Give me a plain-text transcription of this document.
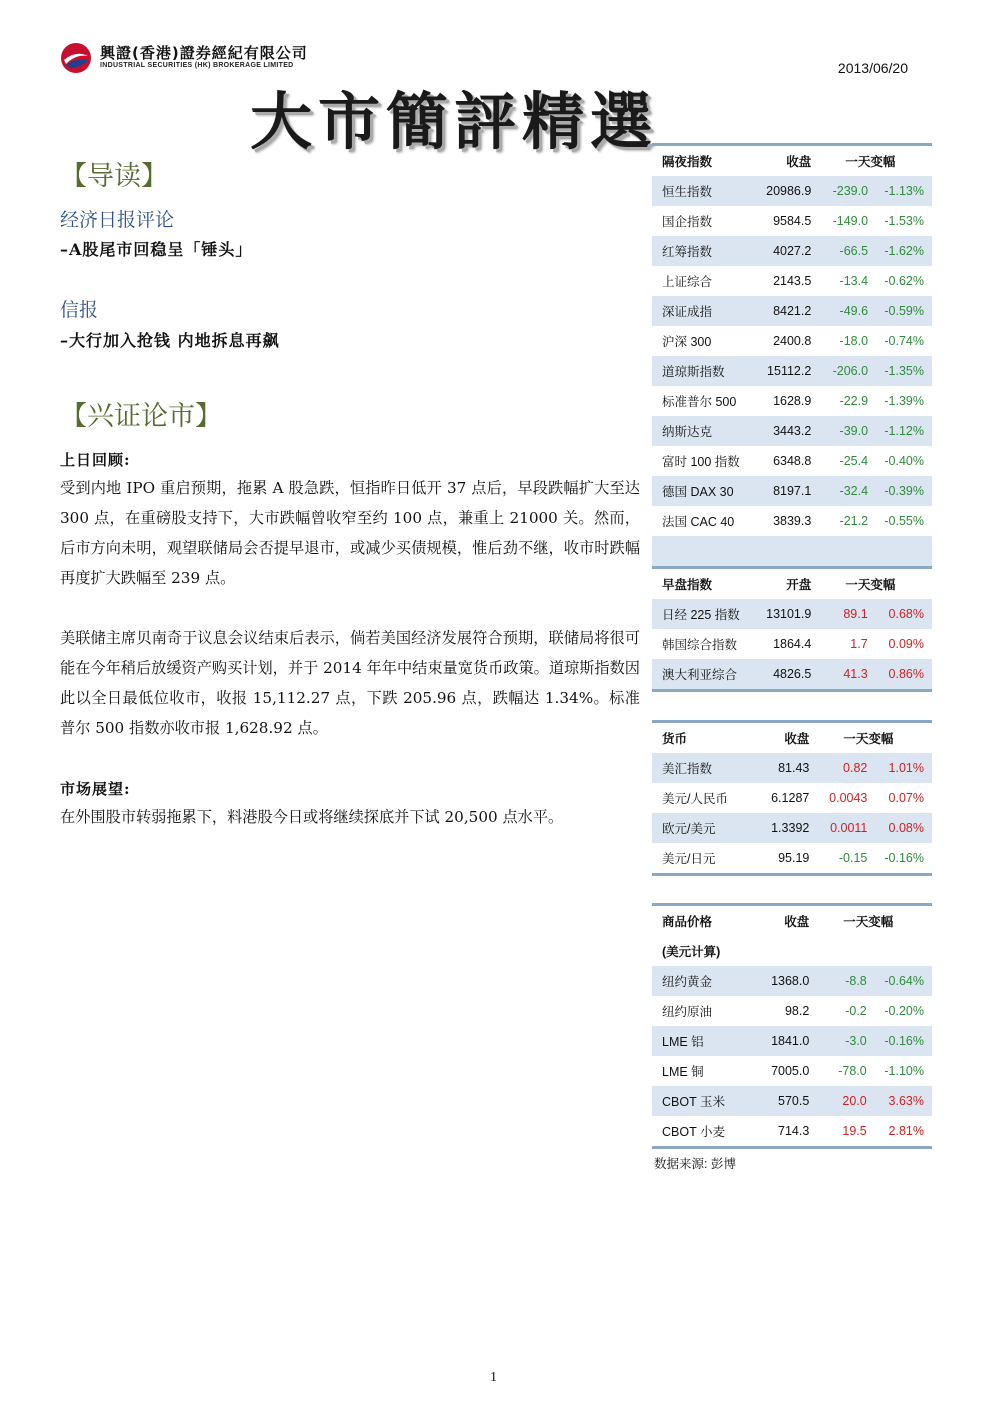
興證(香港)證券經紀有限公司
INDUSTRIAL SECURITIES (HK) BROKERAGE LIMITED	2013/06/20
大市簡評精選
【导读】
经济日报评论
–A股尾市回稳呈「锤头」
信报
–大行加入抢钱 内地拆息再飙
【兴证论市】
上日回顾:
受到内地 IPO 重启预期，拖累 A 股急跌，恒指昨日低开 37 点后，早段跌幅扩大至达 300 点，在重磅股支持下，大市跌幅曾收窄至约 100 点，兼重上 21000 关。然而，后市方向未明，观望联储局会否提早退市，或减少买债规模，惟后劲不继，收市时跌幅再度扩大跌幅至 239 点。
美联储主席贝南奇于议息会议结束后表示，倘若美国经济发展符合预期，联储局将很可能在今年稍后放缓资产购买计划，并于 2014 年年中结束量宽货币政策。道琼斯指数因此以全日最低位收市，收报 15,112.27 点，下跌 205.96 点，跌幅达 1.34%。标准普尔 500 指数亦收市报 1,628.92 点。
市场展望:
在外围股市转弱拖累下，料港股今日或将继续探底并下试 20,500 点水平。
隔夜指数	收盘	一天变幅	
恒生指数	20986.9	-239.0	-1.13%
国企指数	9584.5	-149.0	-1.53%
红筹指数	4027.2	-66.5	-1.62%
上证综合	2143.5	-13.4	-0.62%
深证成指	8421.2	-49.6	-0.59%
沪深 300	2400.8	-18.0	-0.74%
道琼斯指数	15112.2	-206.0	-1.35%
标准普尔 500	1628.9	-22.9	-1.39%
纳斯达克	3443.2	-39.0	-1.12%
富时 100 指数	6348.8	-25.4	-0.40%
德国 DAX 30	8197.1	-32.4	-0.39%
法国 CAC 40	3839.3	-21.2	-0.55%

早盘指数	开盘	一天变幅	
日经 225 指数	13101.9	89.1	0.68%
韩国综合指数	1864.4	1.7	0.09%
澳大利亚综合	4826.5	41.3	0.86%
货币	收盘	一天变幅	
美汇指数	81.43	0.82	1.01%
美元/人民币	6.1287	0.0043	0.07%
欧元/美元	1.3392	0.0011	0.08%
美元/日元	95.19	-0.15	-0.16%
商品价格	收盘	一天变幅	
(美元计算)			
纽约黄金	1368.0	-8.8	-0.64%
纽约原油	98.2	-0.2	-0.20%
LME 铝	1841.0	-3.0	-0.16%
LME 铜	7005.0	-78.0	-1.10%
CBOT 玉米	570.5	20.0	3.63%
CBOT 小麦	714.3	19.5	2.81%
数据来源: 彭博
1
